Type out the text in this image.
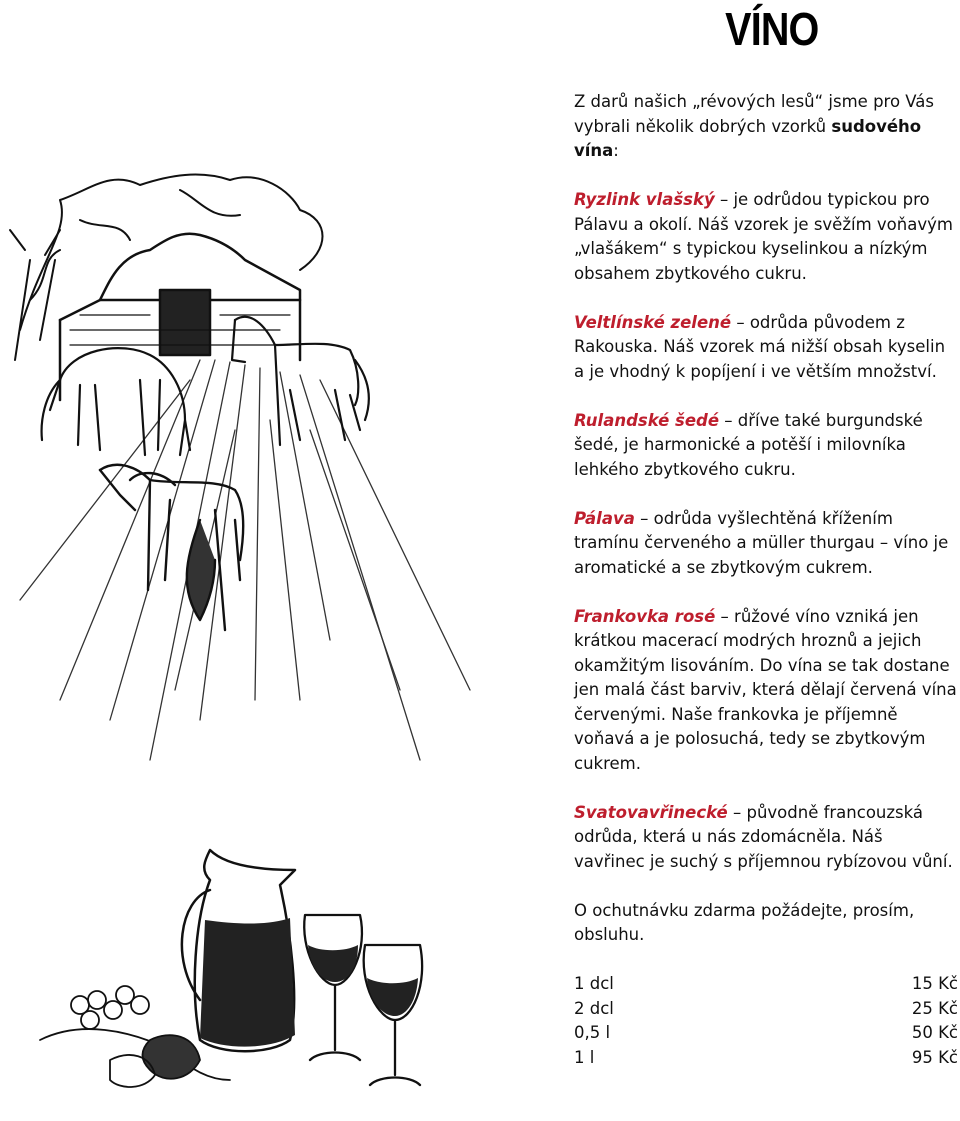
VÍNO

Z darů našich „révových lesů“ jsme pro Vás vybrali několik dobrých vzorků sudového vína:

Ryzlink vlašský – je odrůdou typickou pro Pálavu a okolí. Náš vzorek je svěžím voňavým „vlašákem“ s typickou kyselinkou a nízkým obsahem zbytkového cukru.

Veltlínské zelené – odrůda původem z Rakouska. Náš vzorek má nižší obsah kyselin a je vhodný k popíjení i ve větším množství.

Rulandské šedé – dříve také burgundské šedé, je harmonické a potěší i milovníka lehkého zbytkového cukru.

Pálava – odrůda vyšlechtěná křížením tramínu červeného a müller thurgau – víno je aromatické a se zbytkovým cukrem.

Frankovka rosé – růžové víno vzniká jen krátkou macerací modrých hroznů a jejich okamžitým lisováním. Do vína se tak dostane jen malá část barviv, která dělají červená vína červenými. Naše frankovka je příjemně voňavá a je polosuchá, tedy se zbytkovým cukrem.

Svatovavřinecké – původně francouzská odrůda, která u nás zdomácněla. Náš vavřinec je suchý s příjemnou rybízovou vůní.

O ochutnávku zdarma požádejte, prosím, obsluhu.

1 dcl	15 Kč
2 dcl	25 Kč
0,5 l	50 Kč
1 l	95 Kč
